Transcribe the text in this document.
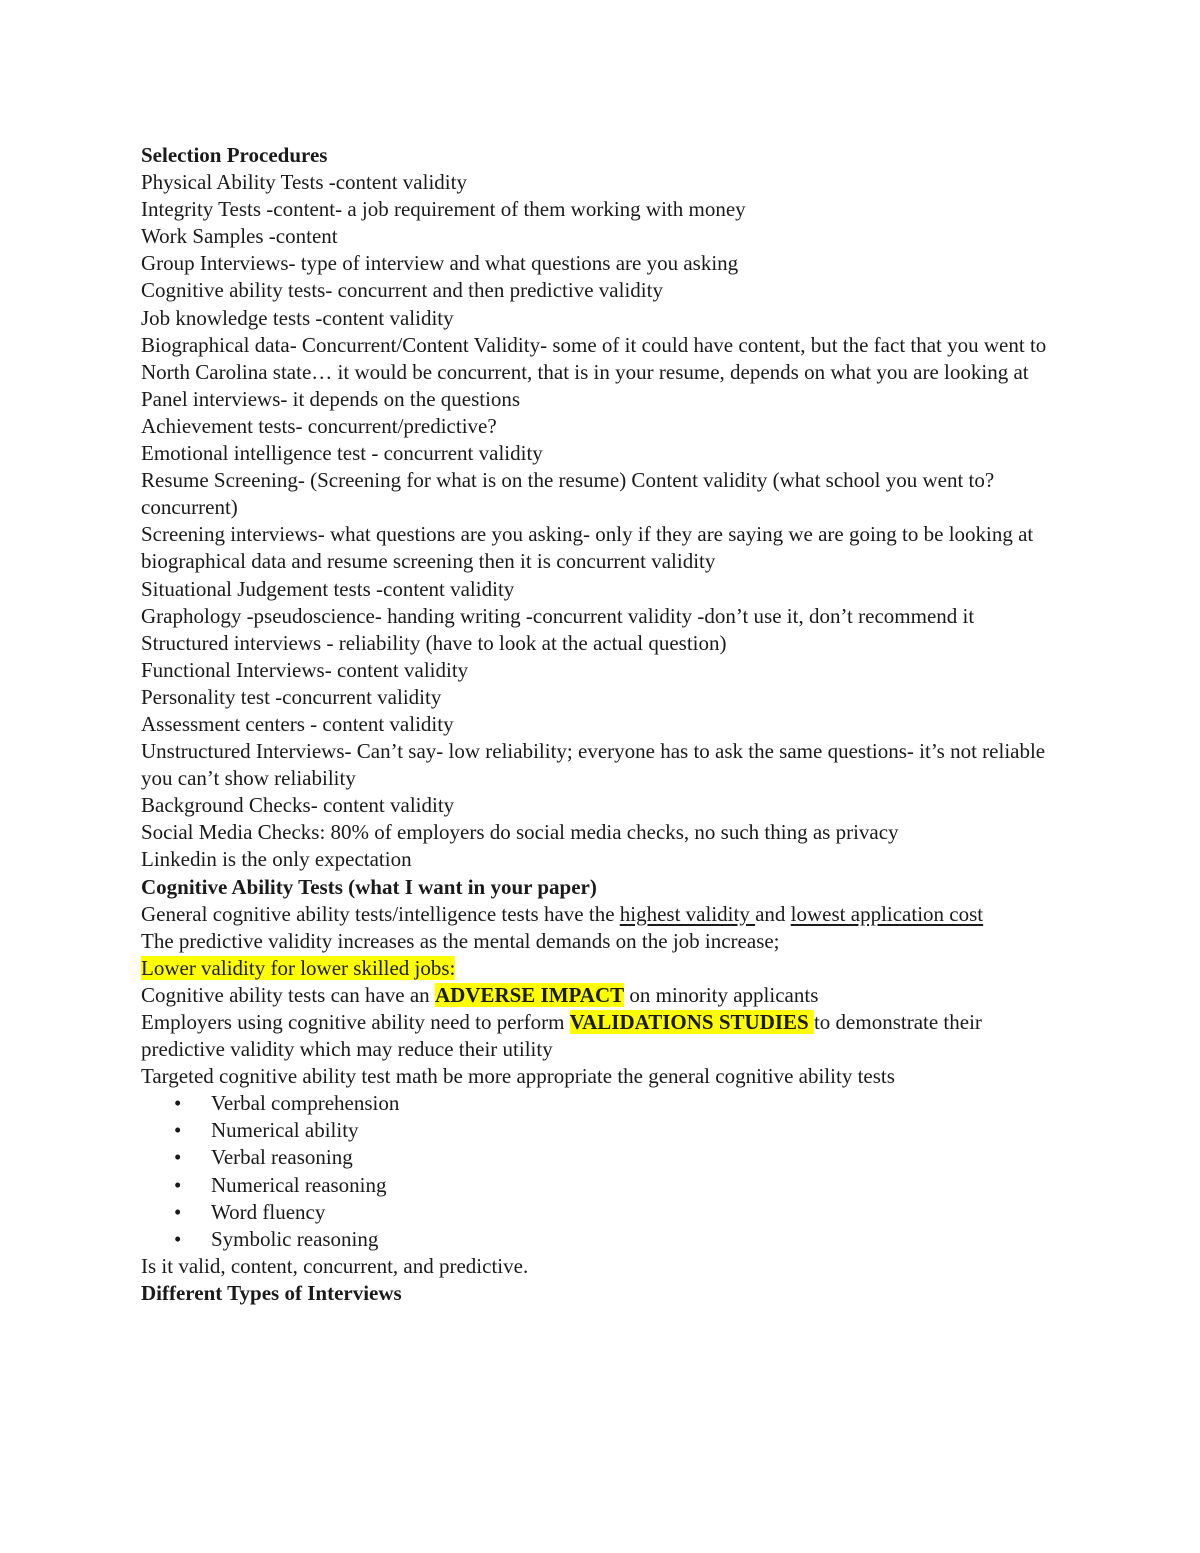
Selection Procedures
Physical Ability Tests -content validity
Integrity Tests -content- a job requirement of them working with money
Work Samples -content
Group Interviews- type of interview and what questions are you asking
Cognitive ability tests- concurrent and then predictive validity
Job knowledge tests -content validity
Biographical data- Concurrent/Content Validity- some of it could have content, but the fact that you went to North Carolina state… it would be concurrent, that is in your resume, depends on what you are looking at
Panel interviews- it depends on the questions
Achievement tests- concurrent/predictive?
Emotional intelligence test - concurrent validity
Resume Screening- (Screening for what is on the resume) Content validity (what school you went to? concurrent)
Screening interviews- what questions are you asking- only if they are saying we are going to be looking at biographical data and resume screening then it is concurrent validity
Situational Judgement tests -content validity
Graphology -pseudoscience- handing writing -concurrent validity -don’t use it, don’t recommend it
Structured interviews - reliability (have to look at the actual question)
Functional Interviews- content validity
Personality test -concurrent validity
Assessment centers - content validity
Unstructured Interviews- Can’t say- low reliability; everyone has to ask the same questions- it’s not reliable you can’t show reliability
Background Checks- content validity
Social Media Checks: 80% of employers do social media checks, no such thing as privacy
Linkedin is the only expectation
Cognitive Ability Tests (what I want in your paper)
General cognitive ability tests/intelligence tests have the highest validity and lowest application cost
The predictive validity increases as the mental demands on the job increase;
Lower validity for lower skilled jobs:
Cognitive ability tests can have an ADVERSE IMPACT on minority applicants
Employers using cognitive ability need to perform VALIDATIONS STUDIES to demonstrate their predictive validity which may reduce their utility
Targeted cognitive ability test math be more appropriate the general cognitive ability tests
• Verbal comprehension
• Numerical ability
• Verbal reasoning
• Numerical reasoning
• Word fluency
• Symbolic reasoning
Is it valid, content, concurrent, and predictive.
Different Types of Interviews
